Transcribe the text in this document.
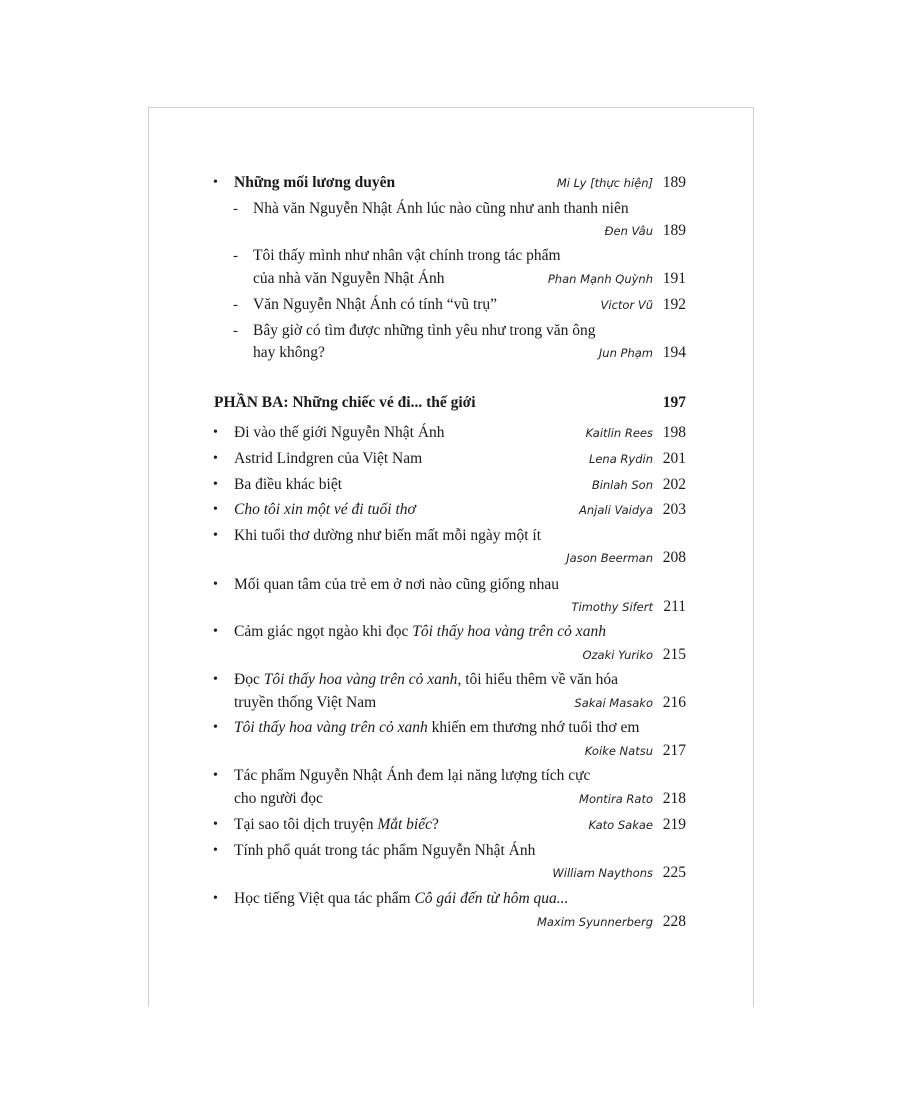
• Những mối lương duyên	Mi Ly [thực hiện] 189
- Nhà văn Nguyễn Nhật Ánh lúc nào cũng như anh thanh niên
Đen Vâu 189
- Tôi thấy mình như nhân vật chính trong tác phẩm
của nhà văn Nguyễn Nhật Ánh	Phan Mạnh Quỳnh 191
- Văn Nguyễn Nhật Ánh có tính “vũ trụ”	Victor Vũ 192
- Bây giờ có tìm được những tình yêu như trong văn ông
hay không?	Jun Phạm 194
PHẦN BA: Những chiếc vé đi... thế giới	197
• Đi vào thế giới Nguyễn Nhật Ánh	Kaitlin Rees 198
• Astrid Lindgren của Việt Nam	Lena Rydin 201
• Ba điều khác biệt	Binlah Son 202
• Cho tôi xin một vé đi tuổi thơ	Anjali Vaidya 203
• Khi tuổi thơ dường như biến mất mỗi ngày một ít
Jason Beerman 208
• Mối quan tâm của trẻ em ở nơi nào cũng giống nhau
Timothy Sifert 211
• Cảm giác ngọt ngào khi đọc Tôi thấy hoa vàng trên cỏ xanh
Ozaki Yuriko 215
• Đọc Tôi thấy hoa vàng trên cỏ xanh, tôi hiểu thêm về văn hóa
truyền thống Việt Nam	Sakai Masako 216
• Tôi thấy hoa vàng trên cỏ xanh khiến em thương nhớ tuổi thơ em
Koike Natsu 217
• Tác phẩm Nguyễn Nhật Ánh đem lại năng lượng tích cực
cho người đọc	Montira Rato 218
• Tại sao tôi dịch truyện Mắt biếc?	Kato Sakae 219
• Tính phổ quát trong tác phẩm Nguyễn Nhật Ánh
William Naythons 225
• Học tiếng Việt qua tác phẩm Cô gái đến từ hôm qua...
Maxim Syunnerberg 228
